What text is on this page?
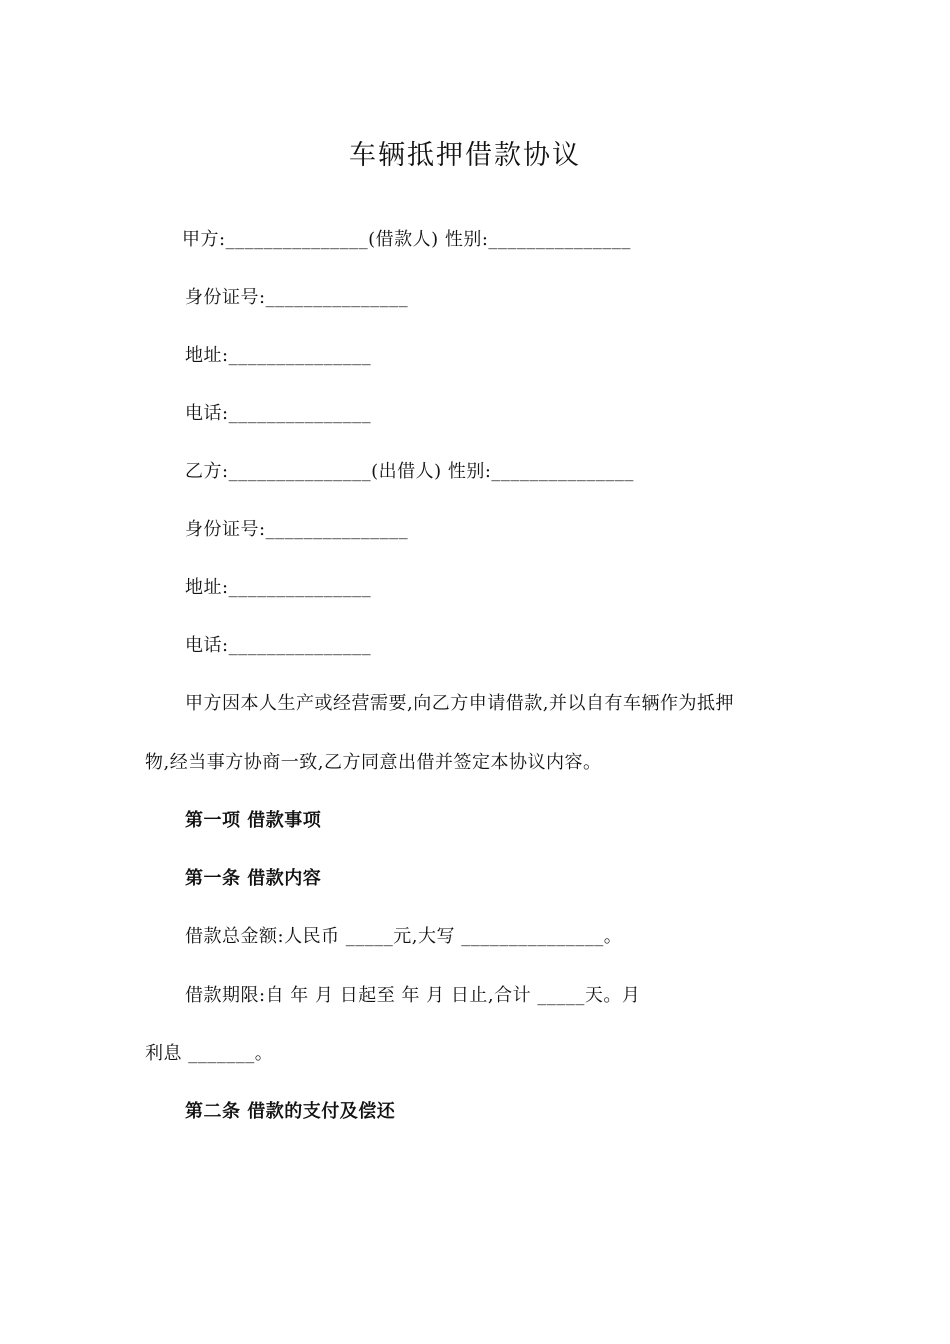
车辆抵押借款协议
甲方:_______________(借款人) 性别:_______________
身份证号:_______________
地址:_______________
电话:_______________
乙方:_______________(出借人) 性别:_______________
身份证号:_______________
地址:_______________
电话:_______________
甲方因本人生产或经营需要,向乙方申请借款,并以自有车辆作为抵押
物,经当事方协商一致,乙方同意出借并签定本协议内容。
第一项 借款事项
第一条 借款内容
借款总金额:人民币 _____元,大写 _______________。
借款期限:自 年 月 日起至 年 月 日止,合计 _____天。月
利息 _______。
第二条 借款的支付及偿还
